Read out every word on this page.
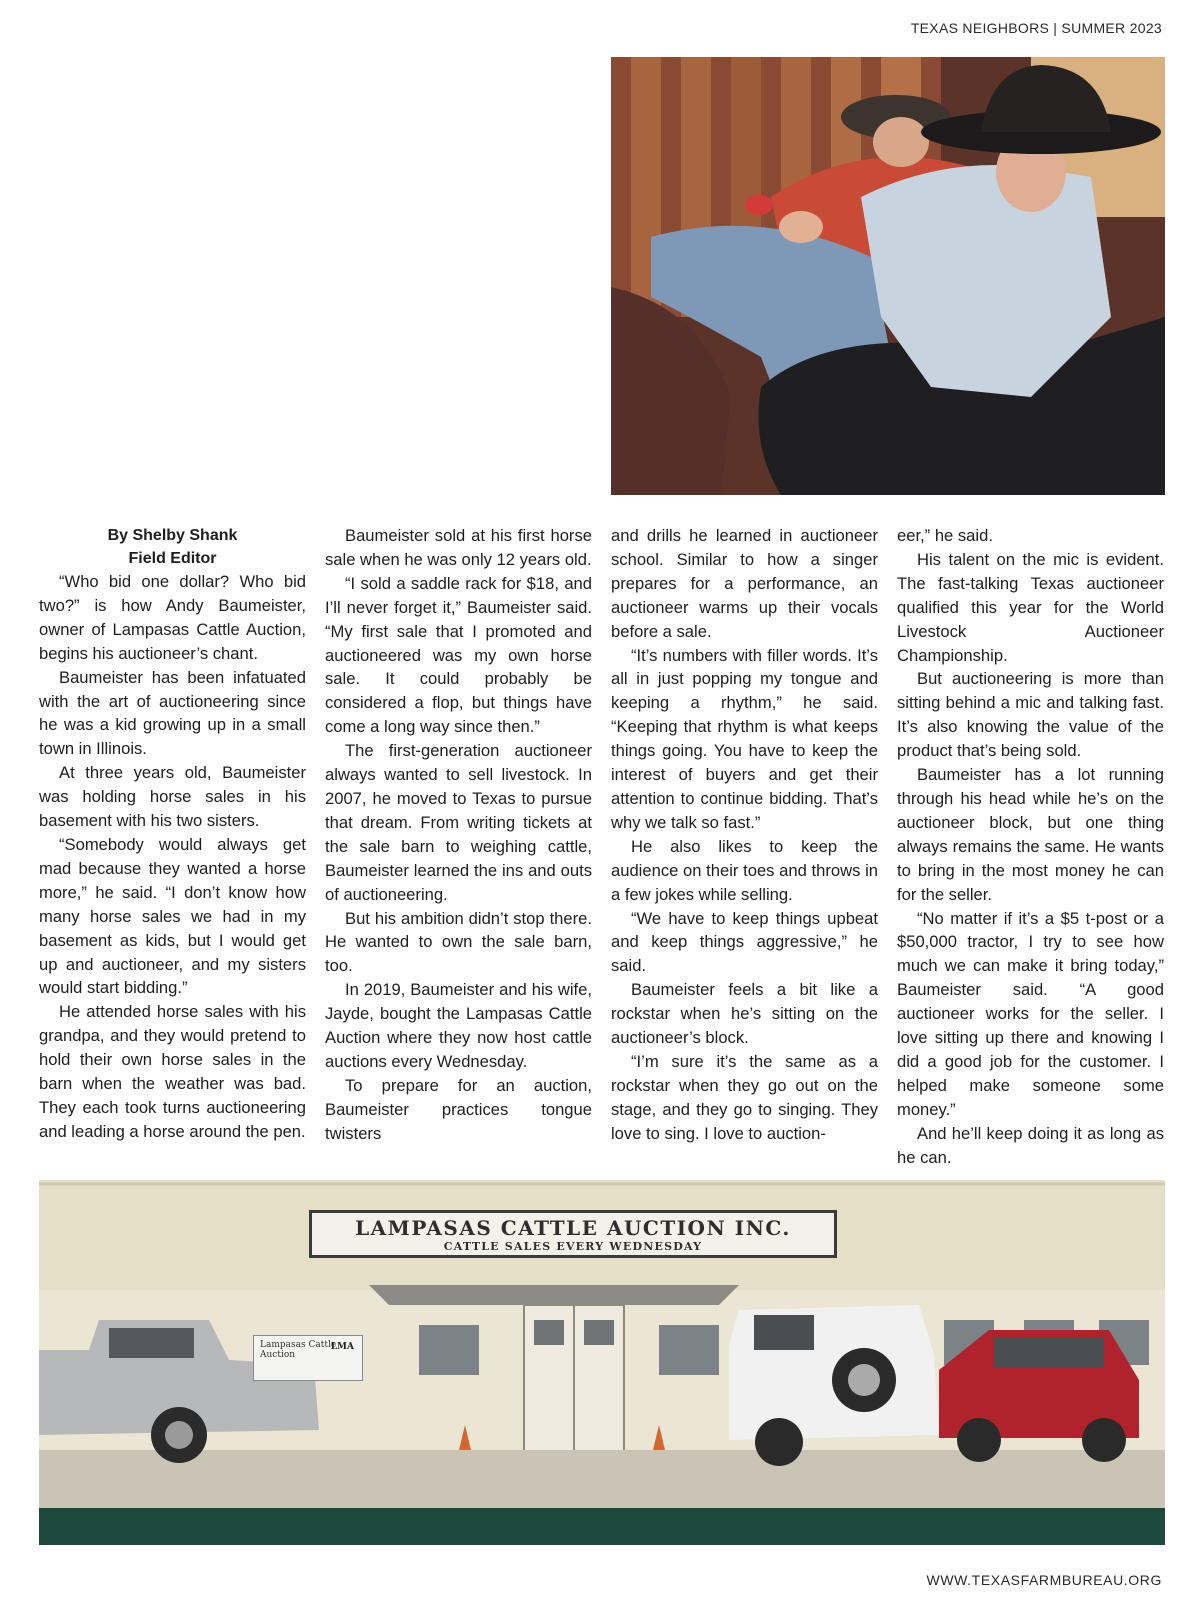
TEXAS NEIGHBORS | SUMMER 2023
By Shelby Shank
Field Editor

“Who bid one dollar? Who bid two?” is how Andy Baumeister, owner of Lampasas Cattle Auction, begins his auctioneer’s chant.

Baumeister has been infatuated with the art of auctioneering since he was a kid growing up in a small town in Illinois.

At three years old, Baumeister was holding horse sales in his basement with his two sisters.

“Somebody would always get mad because they wanted a horse more,” he said. “I don’t know how many horse sales we had in my basement as kids, but I would get up and auctioneer, and my sisters would start bidding.”

He attended horse sales with his grandpa, and they would pretend to hold their own horse sales in the barn when the weather was bad. They each took turns auctioneering and leading a horse around the pen.

Baumeister sold at his first horse sale when he was only 12 years old.

“I sold a saddle rack for $18, and I’ll never forget it,” Baumeister said. “My first sale that I promoted and auctioneered was my own horse sale. It could probably be considered a flop, but things have come a long way since then.”

The first-generation auctioneer always wanted to sell livestock. In 2007, he moved to Texas to pursue that dream. From writing tickets at the sale barn to weighing cattle, Baumeister learned the ins and outs of auctioneering.

But his ambition didn’t stop there. He wanted to own the sale barn, too.

In 2019, Baumeister and his wife, Jayde, bought the Lampasas Cattle Auction where they now host cattle auctions every Wednesday.

To prepare for an auction, Baumeister practices tongue twisters

and drills he learned in auctioneer school. Similar to how a singer prepares for a performance, an auctioneer warms up their vocals before a sale.

“It’s numbers with filler words. It’s all in just popping my tongue and keeping a rhythm,” he said. “Keeping that rhythm is what keeps things going. You have to keep the interest of buyers and get their attention to continue bidding. That’s why we talk so fast.”

He also likes to keep the audience on their toes and throws in a few jokes while selling.

“We have to keep things upbeat and keep things aggressive,” he said.

Baumeister feels a bit like a rockstar when he’s sitting on the auctioneer’s block.

“I’m sure it’s the same as a rockstar when they go out on the stage, and they go to singing. They love to sing. I love to auction-

eer,” he said.

His talent on the mic is evident. The fast-talking Texas auctioneer qualified this year for the World Livestock Auctioneer Championship.

But auctioneering is more than sitting behind a mic and talking fast. It’s also knowing the value of the product that’s being sold.

Baumeister has a lot running through his head while he’s on the auctioneer block, but one thing always remains the same. He wants to bring in the most money he can for the seller.

“No matter if it’s a $5 t-post or a $50,000 tractor, I try to see how much we can make it bring today,” Baumeister said. “A good auctioneer works for the seller. I love sitting up there and knowing I did a good job for the customer. I helped make someone some money.”

And he’ll keep doing it as long as he can.

LAMPASAS CATTLE AUCTION INC.
CATTLE SALES EVERY WEDNESDAY
Lampasas Cattle Auction
LMA
WWW.TEXASFARMBUREAU.ORG
